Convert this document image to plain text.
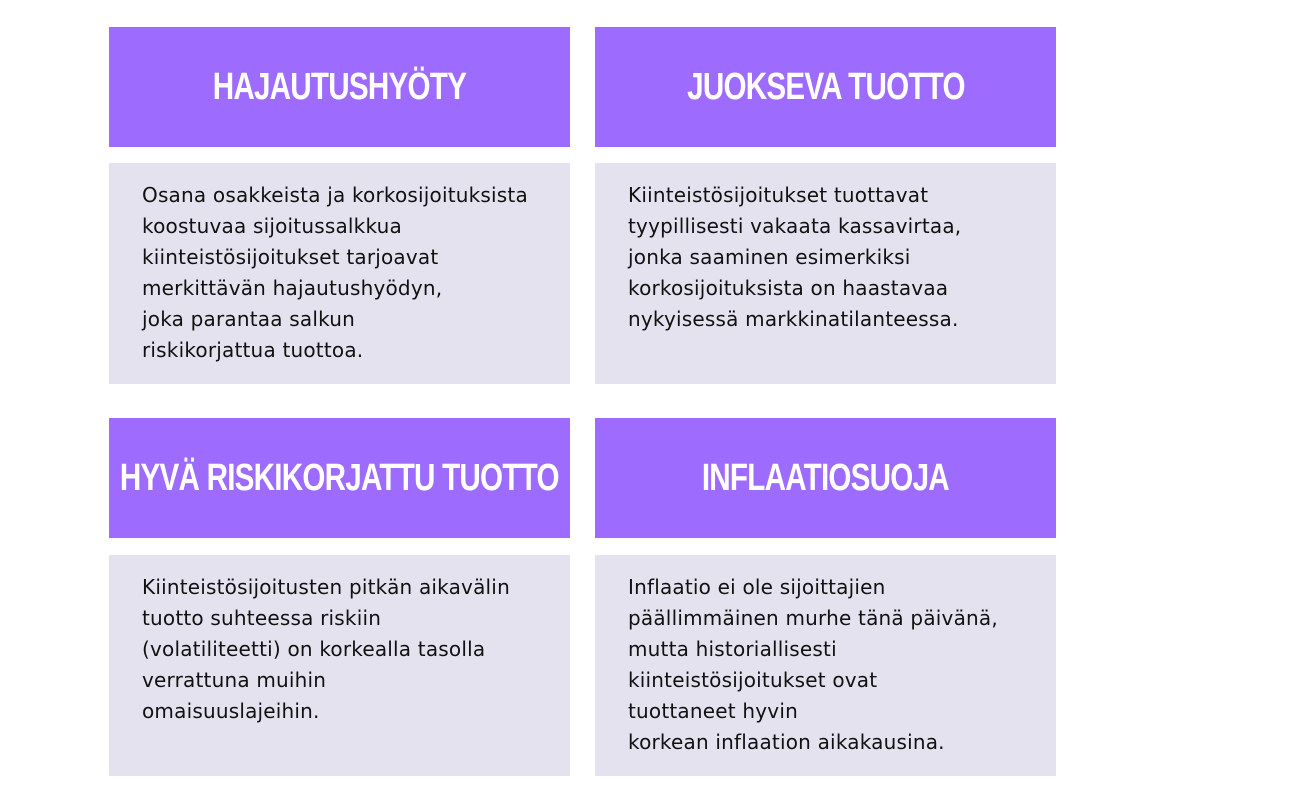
HAJAUTUSHYÖTY

Osana osakkeista ja korkosijoituksista
koostuvaa sijoitussalkkua
kiinteistösijoitukset tarjoavat
merkittävän hajautushyödyn,
joka parantaa salkun
riskikorjattua tuottoa.

JUOKSEVA TUOTTO

Kiinteistösijoitukset tuottavat
tyypillisesti vakaata kassavirtaa,
jonka saaminen esimerkiksi
korkosijoituksista on haastavaa
nykyisessä markkinatilanteessa.

HYVÄ RISKIKORJATTU TUOTTO

Kiinteistösijoitusten pitkän aikavälin
tuotto suhteessa riskiin
(volatiliteetti) on korkealla tasolla
verrattuna muihin
omaisuuslajeihin.

INFLAATIOSUOJA

Inflaatio ei ole sijoittajien
päällimmäinen murhe tänä päivänä,
mutta historiallisesti
kiinteistösijoitukset ovat
tuottaneet hyvin
korkean inflaation aikakausina.
